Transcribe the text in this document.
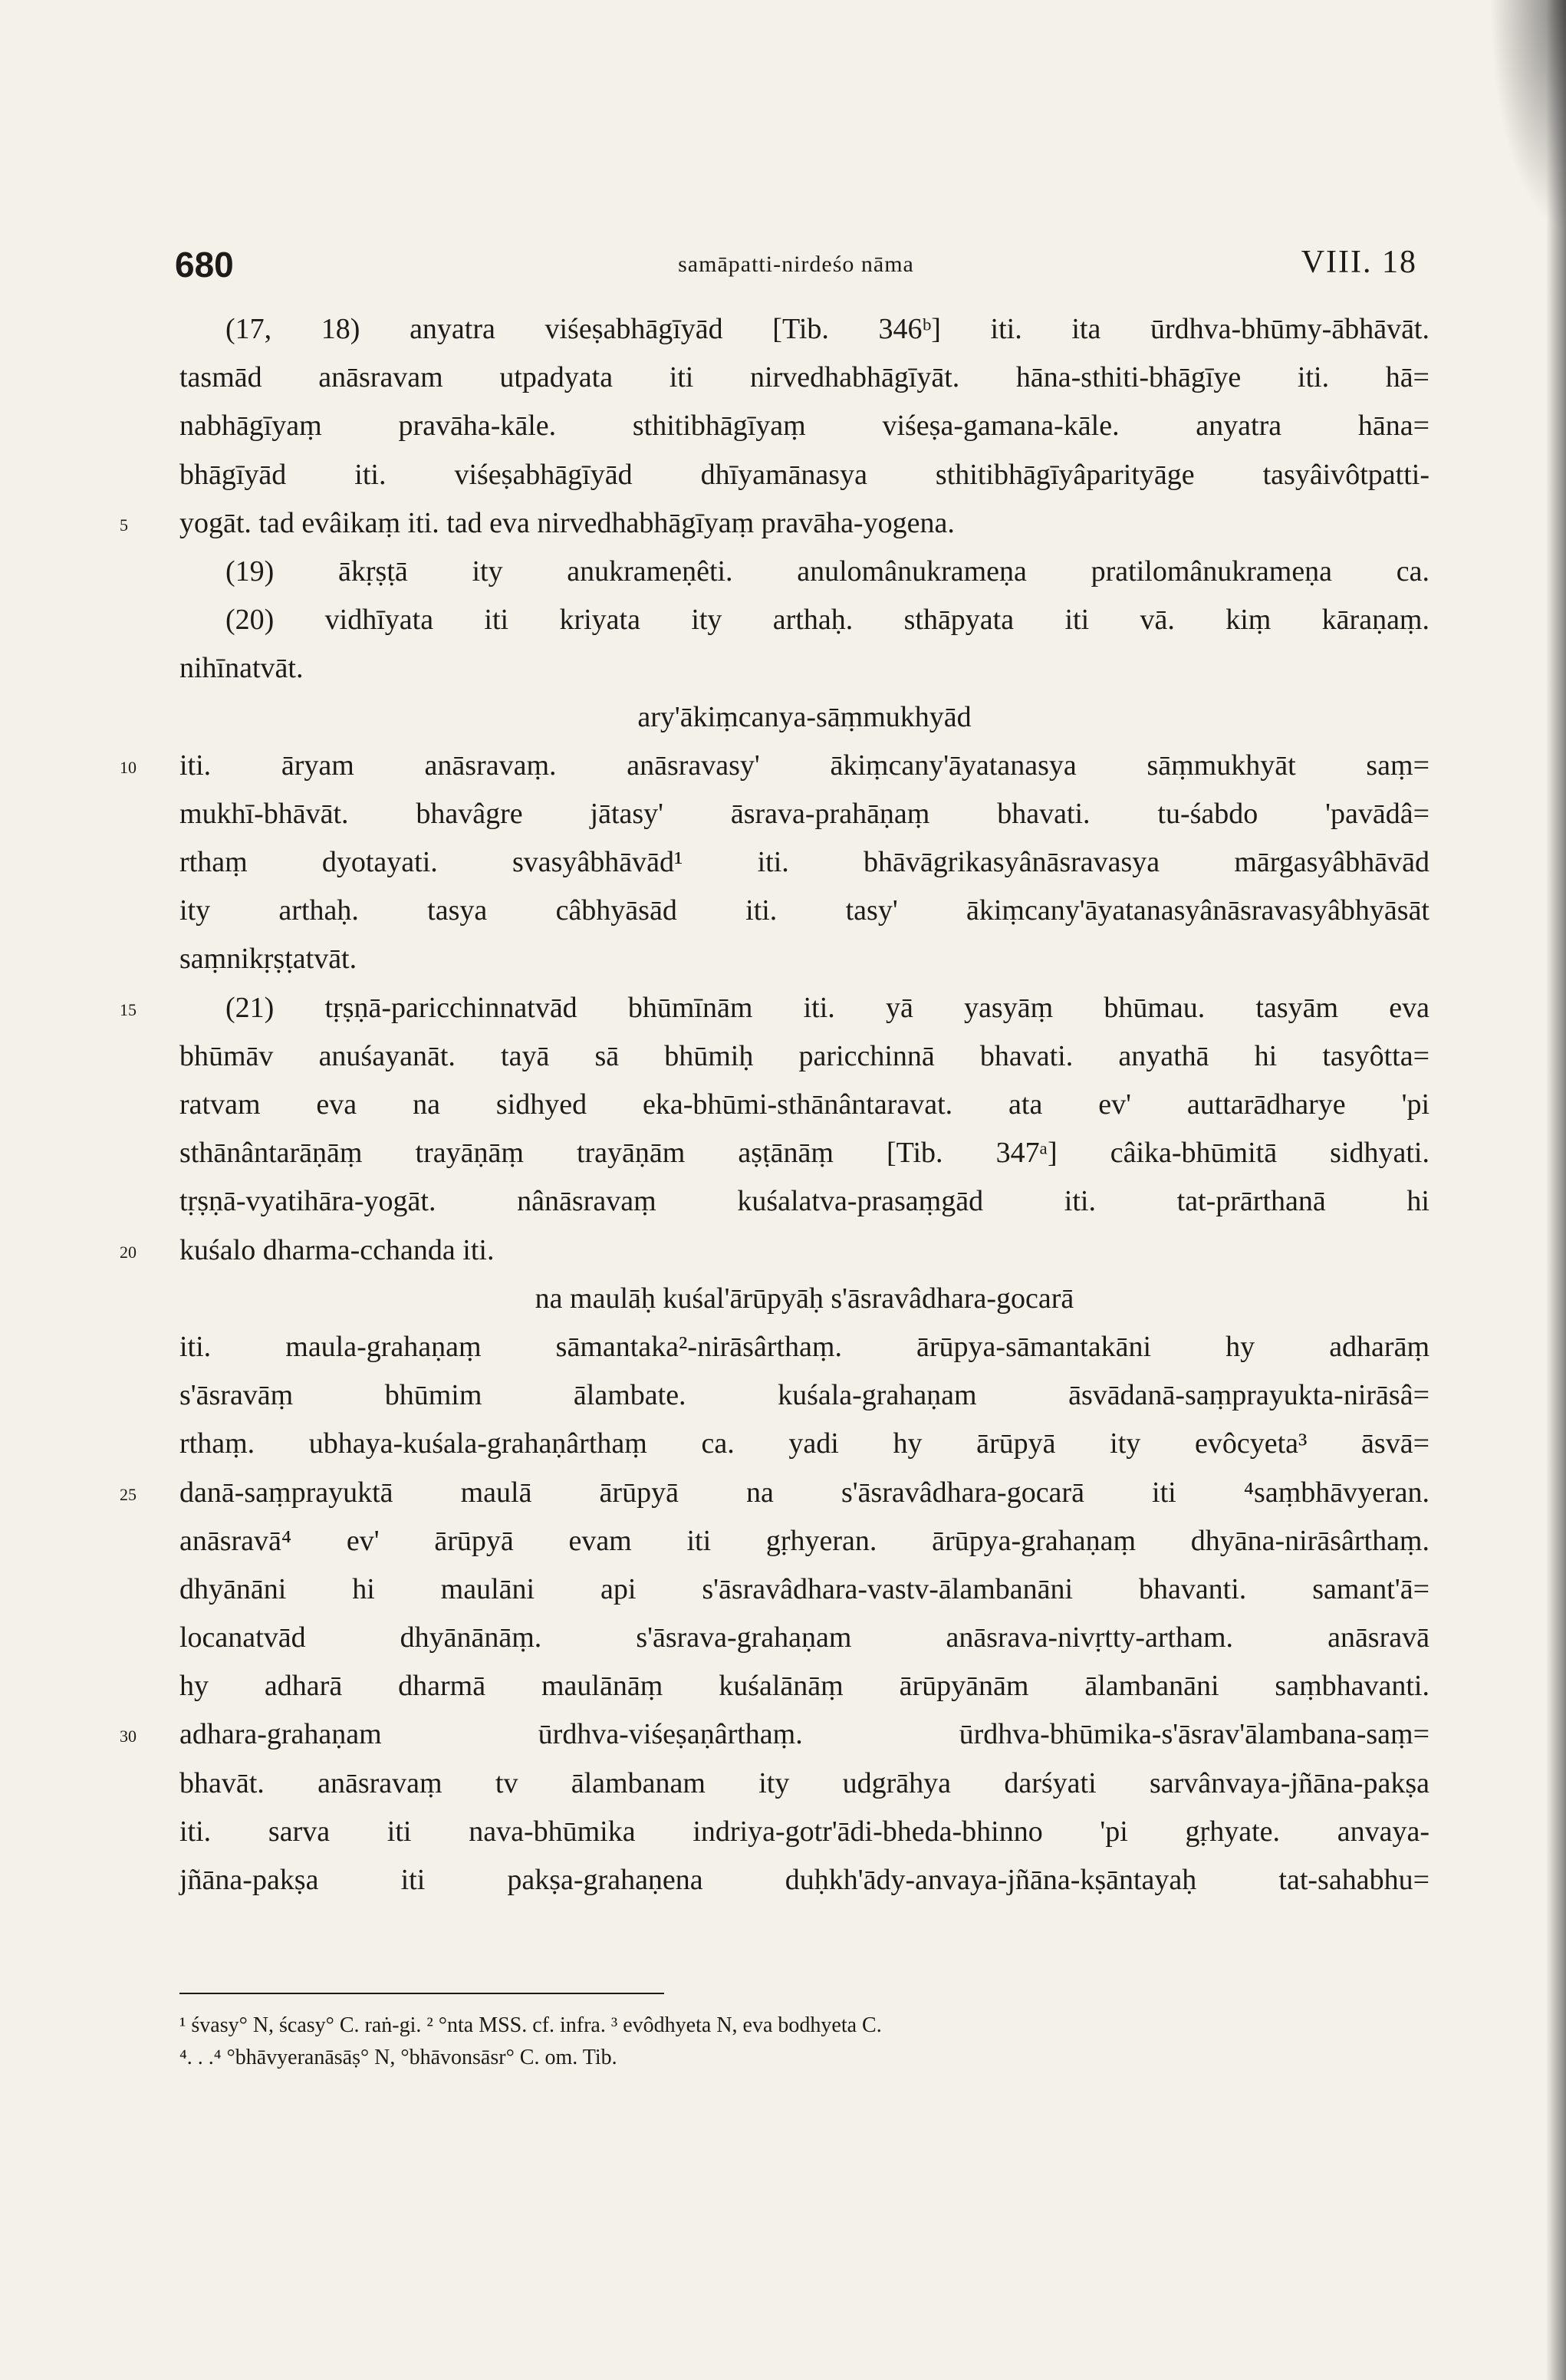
680	samāpatti-nirdeśo nāma	VIII. 18
(17, 18) anyatra viśeṣabhāgīyād [Tib. 346ᵇ] iti. ita ūrdhva-bhūmy-ābhāvāt.
tasmād anāsravam utpadyata iti nirvedhabhāgīyāt. hāna-sthiti-bhāgīye iti. hā=
nabhāgīyaṃ pravāha-kāle. sthitibhāgīyaṃ viśeṣa-gamana-kāle. anyatra hāna=
bhāgīyād iti. viśeṣabhāgīyād dhīyamānasya sthitibhāgīyâparityāge tasyâivôtpatti-
5	yogāt. tad evâikaṃ iti. tad eva nirvedhabhāgīyaṃ pravāha-yogena.
(19) ākṛṣṭā ity anukrameṇêti. anulomânukrameṇa pratilomânukrameṇa ca.
(20) vidhīyata iti kriyata ity arthaḥ. sthāpyata iti vā. kiṃ kāraṇaṃ.
nihīnatvāt.
ary'ākiṃcanya-sāṃmukhyād
10	iti. āryam anāsravaṃ. anāsravasy' ākiṃcany'āyatanasya sāṃmukhyāt saṃ=
mukhī-bhāvāt. bhavâgre jātasy' āsrava-prahāṇaṃ bhavati. tu-śabdo 'pavādâ=
rthaṃ dyotayati. svasyâbhāvād¹ iti. bhāvāgrikasyânāsravasya mārgasyâbhāvād
ity arthaḥ. tasya câbhyāsād iti. tasy' ākiṃcany'āyatanasyânāsravasyâbhyāsāt
saṃnikṛṣṭatvāt.
15	(21) tṛṣṇā-paricchinnatvād bhūmīnām iti. yā yasyāṃ bhūmau. tasyām eva
bhūmāv anuśayanāt. tayā sā bhūmiḥ paricchinnā bhavati. anyathā hi tasyôtta=
ratvam eva na sidhyed eka-bhūmi-sthānântaravat. ata ev' auttarādharye 'pi
sthānântarāṇāṃ trayāṇāṃ trayāṇām aṣṭānāṃ [Tib. 347ᵃ] câika-bhūmitā sidhyati.
tṛṣṇā-vyatihāra-yogāt. nânāsravaṃ kuśalatva-prasaṃgād iti. tat-prārthanā hi
20	kuśalo dharma-cchanda iti.
na maulāḥ kuśal'ārūpyāḥ s'āsravâdhara-gocarā
iti. maula-grahaṇaṃ sāmantaka²-nirāsârthaṃ. ārūpya-sāmantakāni hy adharāṃ
s'āsravāṃ bhūmim ālambate. kuśala-grahaṇam āsvādanā-saṃprayukta-nirāsâ=
rthaṃ. ubhaya-kuśala-grahaṇârthaṃ ca. yadi hy ārūpyā ity evôcyeta³ āsvā=
25	danā-saṃprayuktā maulā ārūpyā na s'āsravâdhara-gocarā iti ⁴saṃbhāvyeran.
anāsravā⁴ ev' ārūpyā evam iti gṛhyeran. ārūpya-grahaṇaṃ dhyāna-nirāsârthaṃ.
dhyānāni hi maulāni api s'āsravâdhara-vastv-ālambanāni bhavanti. samant'ā=
locanatvād dhyānānāṃ. s'āsrava-grahaṇam anāsrava-nivṛtty-artham. anāsravā
hy adharā dharmā maulānāṃ kuśalānāṃ ārūpyānām ālambanāni saṃbhavanti.
30	adhara-grahaṇam ūrdhva-viśeṣaṇârthaṃ. ūrdhva-bhūmika-s'āsrav'ālambana-saṃ=
bhavāt. anāsravaṃ tv ālambanam ity udgrāhya darśyati sarvânvaya-jñāna-pakṣa
iti. sarva iti nava-bhūmika indriya-gotr'ādi-bheda-bhinno 'pi gṛhyate. anvaya-
jñāna-pakṣa iti pakṣa-grahaṇena duḥkh'ādy-anvaya-jñāna-kṣāntayaḥ tat-sahabhu=
¹ śvasy° N, ścasy° C. raṅ-gi. ² °nta MSS. cf. infra. ³ evôdhyeta N, eva bodhyeta C.
⁴. . .⁴ °bhāvyeranāsāṣ° N, °bhāvonsāsr° C. om. Tib.
